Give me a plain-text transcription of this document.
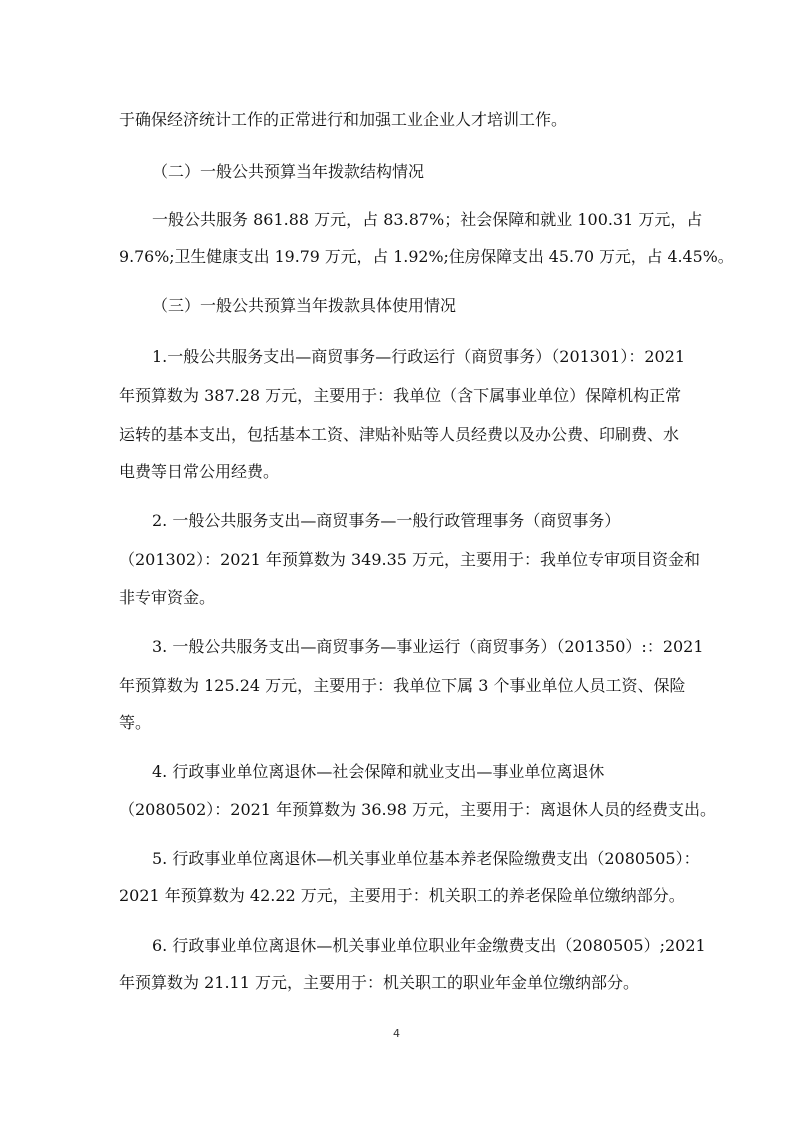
于确保经济统计工作的正常进行和加强工业企业人才培训工作。
（二）一般公共预算当年拨款结构情况
一般公共服务 861.88 万元，占 83.87%；社会保障和就业 100.31 万元，占
9.76%;卫生健康支出 19.79 万元，占 1.92%;住房保障支出 45.70 万元，占 4.45%。
（三）一般公共预算当年拨款具体使用情况
1.一般公共服务支出—商贸事务—行政运行（商贸事务）（201301）：2021
年预算数为 387.28 万元，主要用于：我单位（含下属事业单位）保障机构正常
运转的基本支出，包括基本工资、津贴补贴等人员经费以及办公费、印刷费、水
电费等日常公用经费。
2. 一般公共服务支出—商贸事务—一般行政管理事务（商贸事务）
（201302）：2021 年预算数为 349.35 万元，主要用于：我单位专审项目资金和
非专审资金。
3. 一般公共服务支出—商贸事务—事业运行（商贸事务）（201350）:：2021
年预算数为 125.24 万元，主要用于：我单位下属 3 个事业单位人员工资、保险
等。
4. 行政事业单位离退休—社会保障和就业支出—事业单位离退休
（2080502）：2021 年预算数为 36.98 万元，主要用于：离退休人员的经费支出。
5. 行政事业单位离退休—机关事业单位基本养老保险缴费支出（2080505）：
2021 年预算数为 42.22 万元，主要用于：机关职工的养老保险单位缴纳部分。
6. 行政事业单位离退休—机关事业单位职业年金缴费支出（2080505）;2021
年预算数为 21.11 万元，主要用于：机关职工的职业年金单位缴纳部分。
4
